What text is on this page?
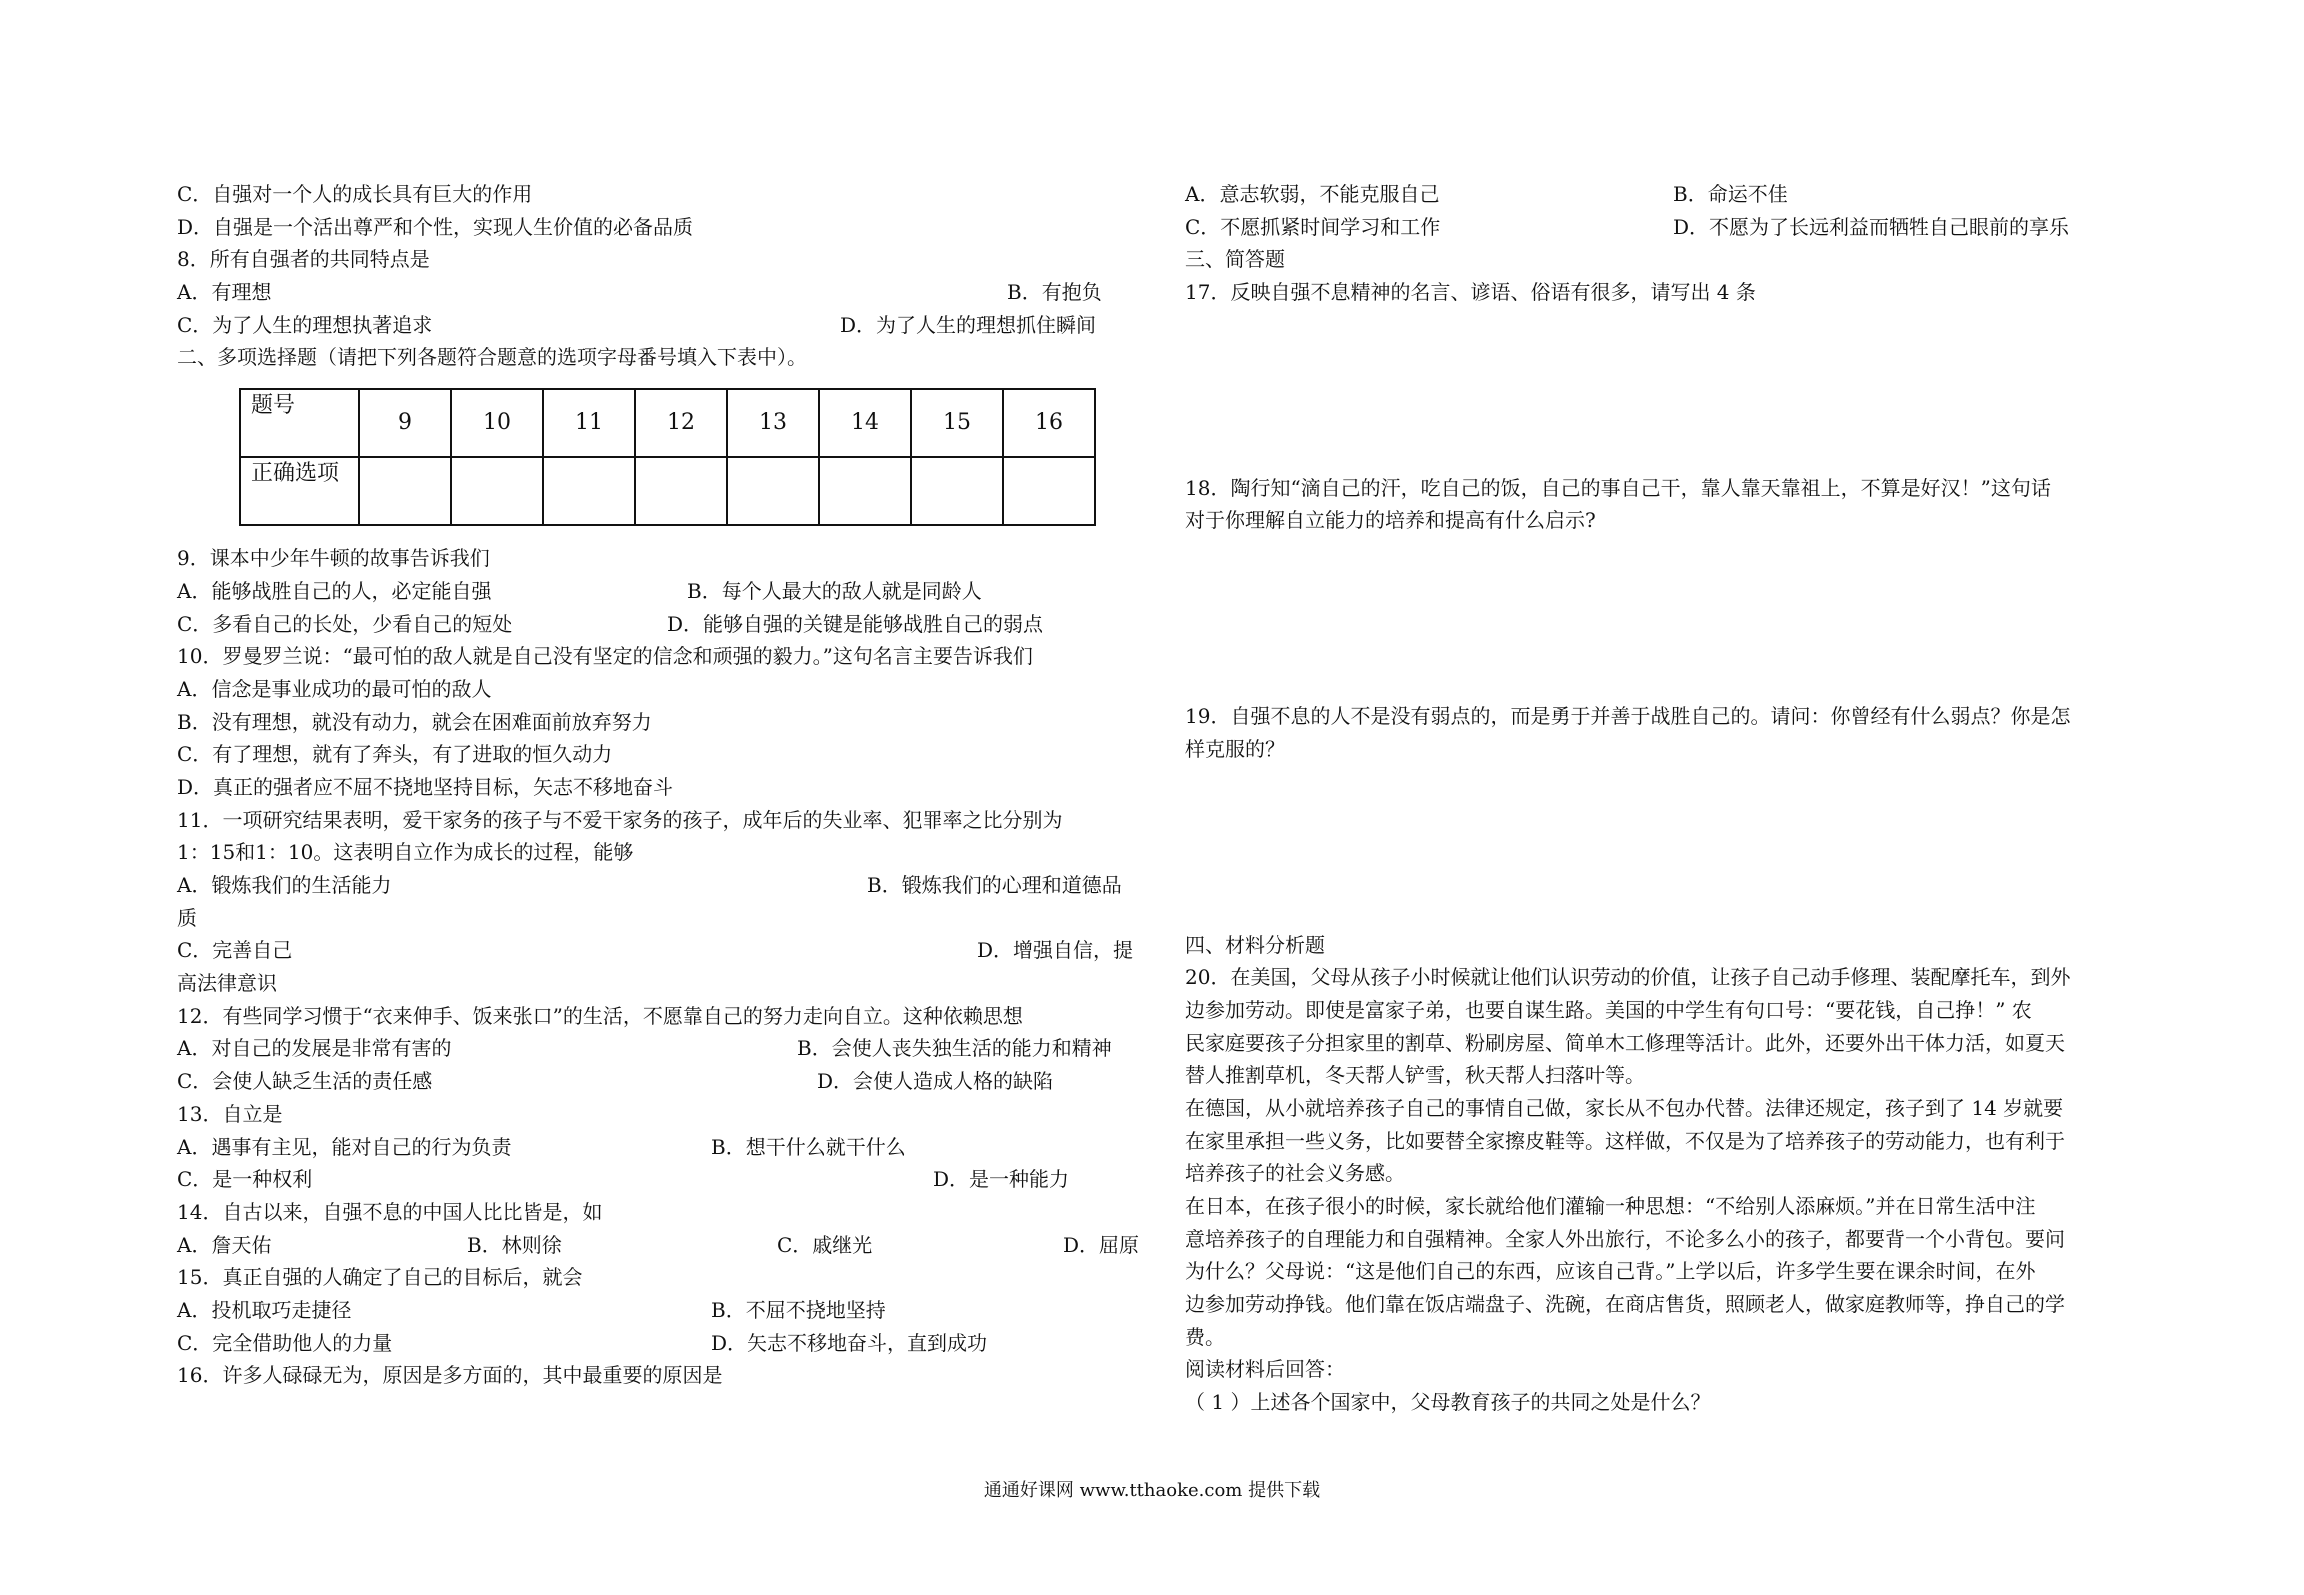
C．自强对一个人的成长具有巨大的作用
D．自强是一个活出尊严和个性，实现人生价值的必备品质
8．所有自强者的共同特点是
A．有理想	B．有抱负
C．为了人生的理想执著追求	D．为了人生的理想抓住瞬间
二、多项选择题（请把下列各题符合题意的选项字母番号填入下表中）。
题号	9	10	11	12	13	14	15	16
正确选项								
9．课本中少年牛顿的故事告诉我们
A．能够战胜自己的人，必定能自强	B．每个人最大的敌人就是同龄人
C．多看自己的长处，少看自己的短处	D．能够自强的关键是能够战胜自己的弱点
10．罗曼罗兰说：“最可怕的敌人就是自己没有坚定的信念和顽强的毅力。”这句名言主要告诉我们
A．信念是事业成功的最可怕的敌人
B．没有理想，就没有动力，就会在困难面前放弃努力
C．有了理想，就有了奔头，有了进取的恒久动力
D．真正的强者应不屈不挠地坚持目标，矢志不移地奋斗
11．一项研究结果表明，爱干家务的孩子与不爱干家务的孩子，成年后的失业率、犯罪率之比分别为
1：15和1：10。这表明自立作为成长的过程，能够
A．锻炼我们的生活能力	B．锻炼我们的心理和道德品
质
C．完善自己	D．增强自信，提
高法律意识
12．有些同学习惯于“衣来伸手、饭来张口”的生活，不愿靠自己的努力走向自立。这种依赖思想
A．对自己的发展是非常有害的	B．会使人丧失独生活的能力和精神
C．会使人缺乏生活的责任感	D．会使人造成人格的缺陷
13．自立是
A．遇事有主见，能对自己的行为负责	B．想干什么就干什么
C．是一种权利	D．是一种能力
14．自古以来，自强不息的中国人比比皆是，如
A．詹天佑	B．林则徐	C．戚继光	D．屈原
15．真正自强的人确定了自己的目标后，就会
A．投机取巧走捷径	B．不屈不挠地坚持
C．完全借助他人的力量	D．矢志不移地奋斗，直到成功
16．许多人碌碌无为，原因是多方面的，其中最重要的原因是
A．意志软弱，不能克服自己	B．命运不佳
C．不愿抓紧时间学习和工作	D．不愿为了长远利益而牺牲自己眼前的享乐
三、简答题
17．反映自强不息精神的名言、谚语、俗语有很多，请写出 4 条
18．陶行知“滴自己的汗，吃自己的饭，自己的事自己干，靠人靠天靠祖上，不算是好汉！”这句话
对于你理解自立能力的培养和提高有什么启示?
19．自强不息的人不是没有弱点的，而是勇于并善于战胜自己的。请问：你曾经有什么弱点？你是怎
样克服的？
四、材料分析题
20．在美国，父母从孩子小时候就让他们认识劳动的价值，让孩子自己动手修理、装配摩托车，到外
边参加劳动。即使是富家子弟，也要自谋生路。美国的中学生有句口号：“要花钱，自己挣！” 农
民家庭要孩子分担家里的割草、粉刷房屋、简单木工修理等活计。此外，还要外出干体力活，如夏天
替人推割草机，冬天帮人铲雪，秋天帮人扫落叶等。
在德国，从小就培养孩子自己的事情自己做，家长从不包办代替。法律还规定，孩子到了 14 岁就要
在家里承担一些义务，比如要替全家擦皮鞋等。这样做，不仅是为了培养孩子的劳动能力，也有利于
培养孩子的社会义务感。
在日本，在孩子很小的时候，家长就给他们灌输一种思想：“不给别人添麻烦。”并在日常生活中注
意培养孩子的自理能力和自强精神。全家人外出旅行，不论多么小的孩子，都要背一个小背包。要问
为什么？父母说：“这是他们自己的东西，应该自己背。”上学以后，许多学生要在课余时间，在外
边参加劳动挣钱。他们靠在饭店端盘子、洗碗，在商店售货，照顾老人，做家庭教师等，挣自己的学
费。
阅读材料后回答：
（ 1 ）上述各个国家中，父母教育孩子的共同之处是什么？
通通好课网 www.tthaoke.com 提供下载
